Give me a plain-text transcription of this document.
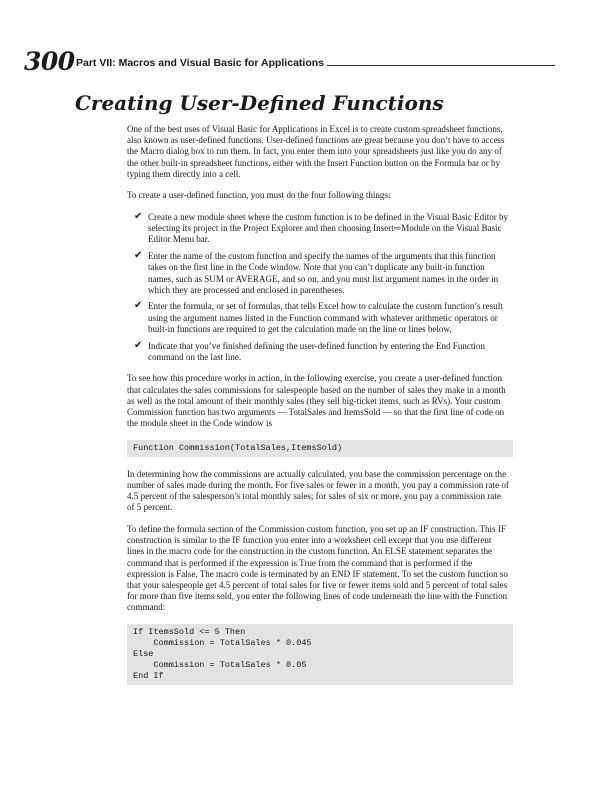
300 Part VII: Macros and Visual Basic for Applications
Creating User-Defined Functions

One of the best uses of Visual Basic for Applications in Excel is to create custom spreadsheet functions, also known as user-defined functions. User-defined functions are great because you don’t have to access the Macro dialog box to run them. In fact, you enter them into your spreadsheets just like you do any of the other built-in spreadsheet functions, either with the Insert Function button on the Formula bar or by typing them directly into a cell.

To create a user-defined function, you must do the four following things:

✔ Create a new module sheet where the custom function is to be defined in the Visual Basic Editor by selecting its project in the Project Explorer and then choosing Insert⇨Module on the Visual Basic Editor Menu bar.
✔ Enter the name of the custom function and specify the names of the arguments that this function takes on the first line in the Code window. Note that you can’t duplicate any built-in function names, such as SUM or AVERAGE, and so on, and you must list argument names in the order in which they are processed and enclosed in parentheses.
✔ Enter the formula, or set of formulas, that tells Excel how to calculate the custom function’s result using the argument names listed in the Function command with whatever arithmetic operators or built-in functions are required to get the calculation made on the line or lines below.
✔ Indicate that you’ve finished defining the user-defined function by entering the End Function command on the last line.

To see how this procedure works in action, in the following exercise, you create a user-defined function that calculates the sales commissions for salespeople based on the number of sales they make in a month as well as the total amount of their monthly sales (they sell big-ticket items, such as RVs). Your custom Commission function has two arguments — TotalSales and ItemsSold — so that the first line of code on the module sheet in the Code window is

Function Commission(TotalSales,ItemsSold)

In determining how the commissions are actually calculated, you base the commission percentage on the number of sales made during the month. For five sales or fewer in a month, you pay a commission rate of 4.5 percent of the salesperson’s total monthly sales; for sales of six or more, you pay a commission rate of 5 percent.

To define the formula section of the Commission custom function, you set up an IF construction. This IF construction is similar to the IF function you enter into a worksheet cell except that you use different lines in the macro code for the construction in the custom function. An ELSE statement separates the command that is performed if the expression is True from the command that is performed if the expression is False. The macro code is terminated by an END IF statement. To set the custom function so that your salespeople get 4.5 percent of total sales for five or fewer items sold and 5 percent of total sales for more than five items sold, you enter the following lines of code underneath the line with the Function command:

If ItemsSold <= 5 Then
Commission = TotalSales * 0.045
Else
Commission = TotalSales * 0.05
End If
